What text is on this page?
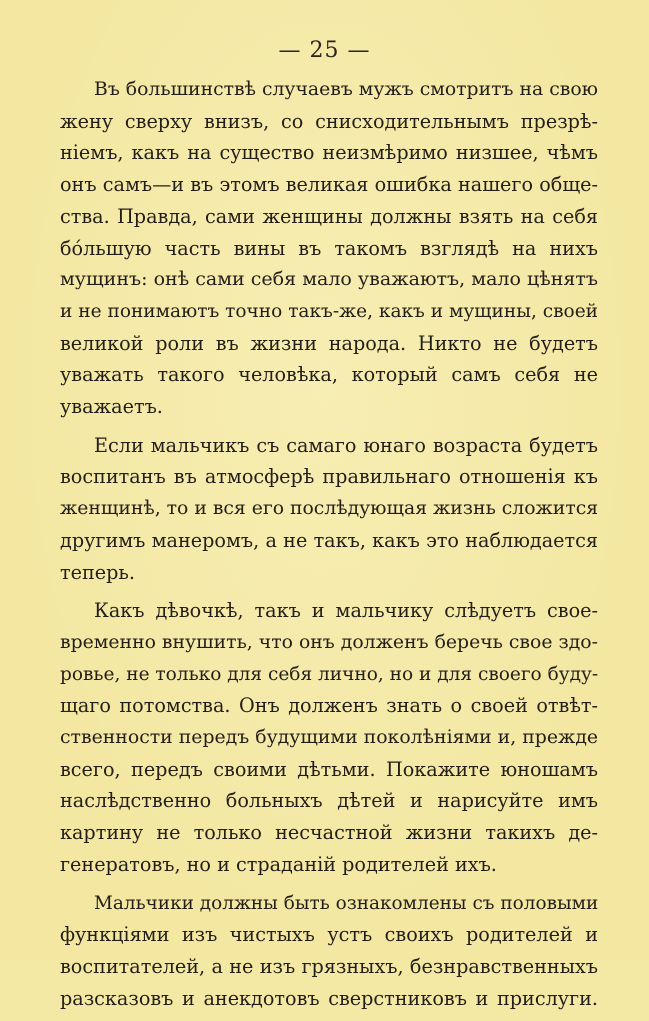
— 25 —
Въ большинствѣ случаевъ мужъ смотритъ на свою
жену сверху внизъ, со снисходительнымъ презрѣ-
ніемъ, какъ на существо неизмѣримо низшее, чѣмъ
онъ самъ—и въ этомъ великая ошибка нашего обще-
ства. Правда, сами женщины должны взять на себя
бо́льшую часть вины въ такомъ взглядѣ на нихъ
мущинъ: онѣ сами себя мало уважаютъ, мало цѣнятъ
и не понимаютъ точно такъ-же, какъ и мущины, своей
великой роли въ жизни народа. Никто не будетъ
уважать такого человѣка, который самъ себя не
уважаетъ.
Если мальчикъ съ самаго юнаго возраста будетъ
воспитанъ въ атмосферѣ правильнаго отношенія къ
женщинѣ, то и вся его послѣдующая жизнь сложится
другимъ манеромъ, а не такъ, какъ это наблюдается
теперь.
Какъ дѣвочкѣ, такъ и мальчику слѣдуетъ свое-
временно внушить, что онъ долженъ беречь свое здо-
ровье, не только для себя лично, но и для своего буду-
щаго потомства. Онъ долженъ знать о своей отвѣт-
ственности передъ будущими поколѣніями и, прежде
всего, передъ своими дѣтьми. Покажите юношамъ
наслѣдственно больныхъ дѣтей и нарисуйте имъ
картину не только несчастной жизни такихъ де-
генератовъ, но и страданій родителей ихъ.
Мальчики должны быть ознакомлены съ половыми
функціями изъ чистыхъ устъ своихъ родителей и
воспитателей, а не изъ грязныхъ, безнравственныхъ
разсказовъ и анекдотовъ сверстниковъ и прислуги.
